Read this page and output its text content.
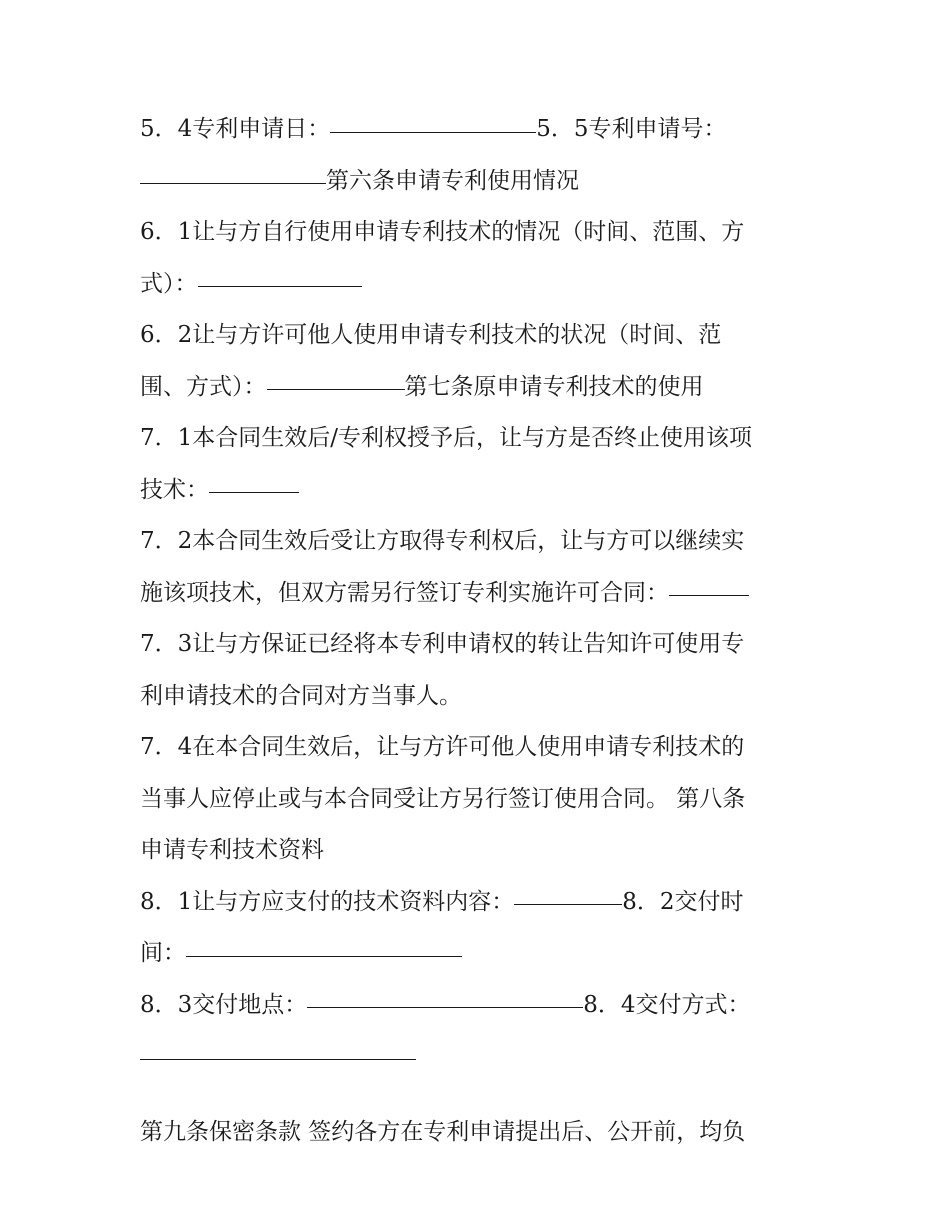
5．4专利申请日：	5．5专利申请号：
第六条申请专利使用情况
6．1让与方自行使用申请专利技术的情况（时间、范围、方
式）：
6．2让与方许可他人使用申请专利技术的状况（时间、范
围、方式）：	第七条原申请专利技术的使用
7．1本合同生效后/专利权授予后，让与方是否终止使用该项
技术：
7．2本合同生效后受让方取得专利权后，让与方可以继续实
施该项技术，但双方需另行签订专利实施许可合同：
7．3让与方保证已经将本专利申请权的转让告知许可使用专
利申请技术的合同对方当事人。
7．4在本合同生效后，让与方许可他人使用申请专利技术的
当事人应停止或与本合同受让方另行签订使用合同。 第八条
申请专利技术资料
8．1让与方应支付的技术资料内容：	8．2交付时
间：
8．3交付地点：	8．4交付方式：
第九条保密条款 签约各方在专利申请提出后、公开前，均负
